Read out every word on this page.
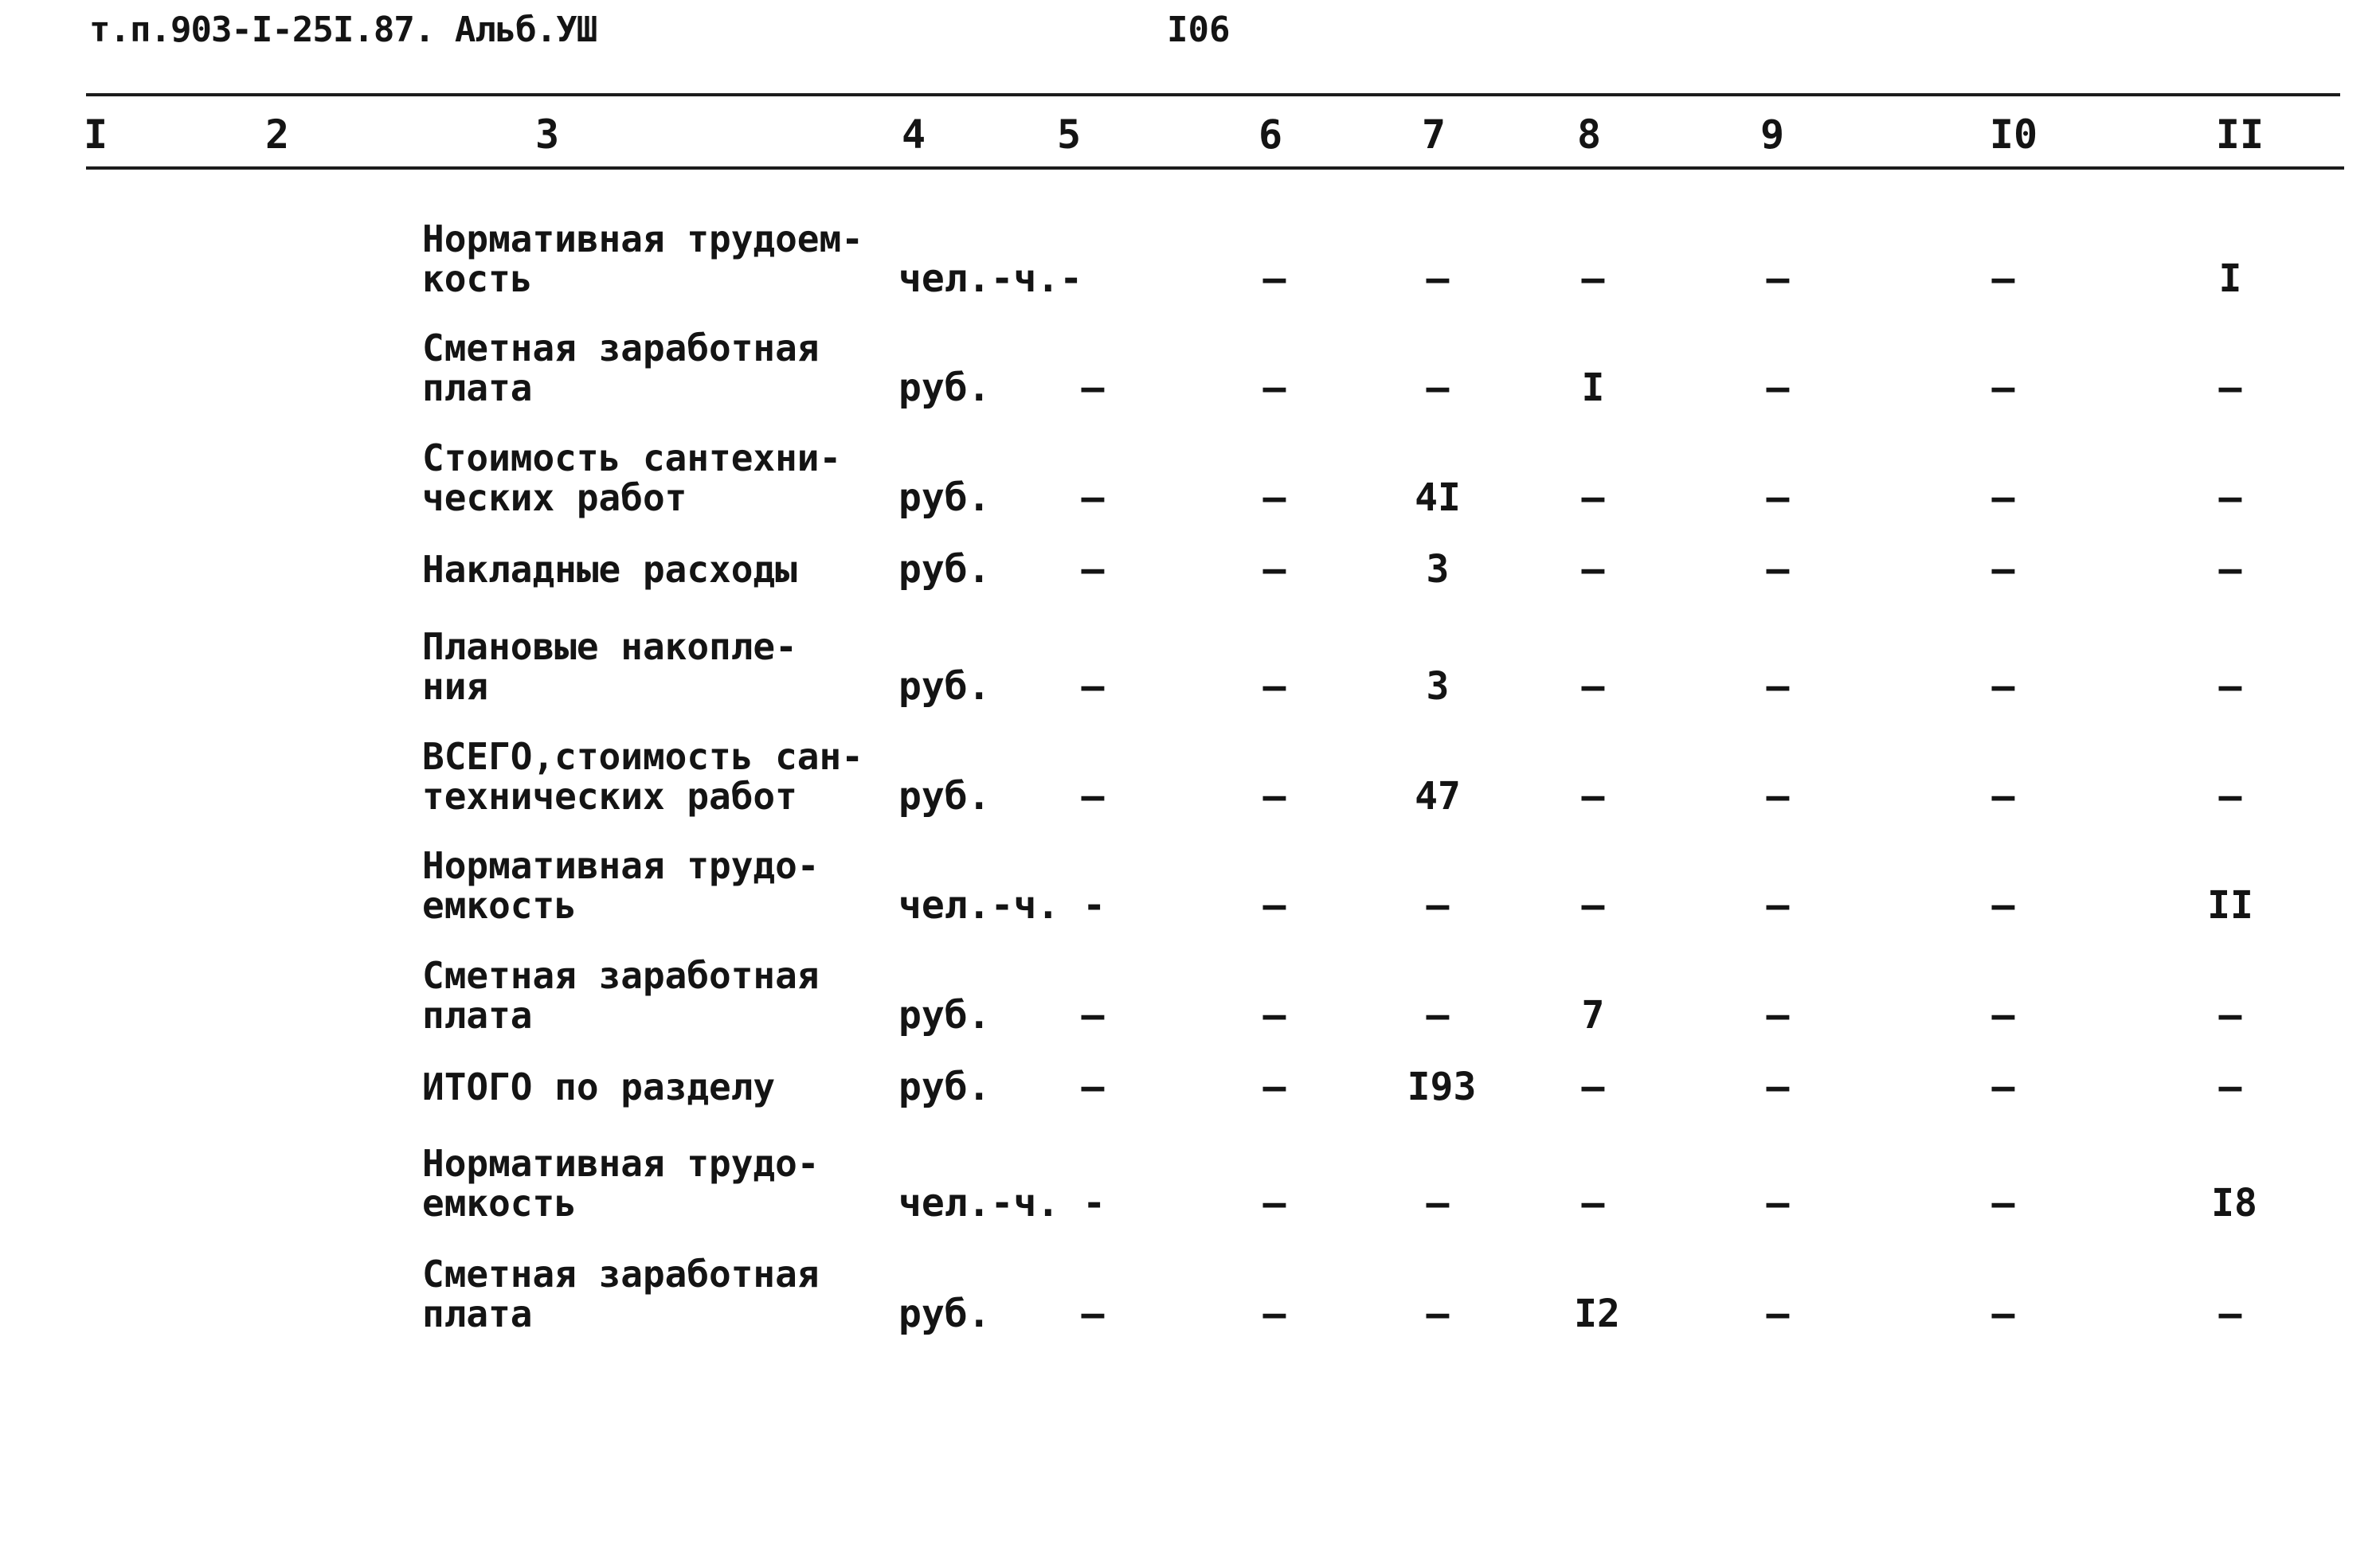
т.п.903-I-25I.87. Альб.УШ	I06
I	2	3	4	5	6	7	8	9	I0	II
Нормативная трудоем-
кость	чел.-ч.-	–	–	–	–	–	I
Сметная заработная
плата	руб. –	–	–	I	–	–	–
Стоимость сантехни-
ческих работ	руб. –	–	4I	–	–	–	–
Накладные расходы	руб. –	–	3	–	–	–	–
Плановые накопле-
ния	руб. –	–	3	–	–	–	–
ВСЕГО,стоимость сан-
технических работ	руб. –	–	47	–	–	–	–
Нормативная трудо-
емкость	чел.-ч. -	–	–	–	–	–	II
Сметная заработная
плата	руб. –	–	–	7	–	–	–
ИТОГО по разделу	руб. –	–	I93	–	–	–	–
Нормативная трудо-
емкость	чел.-ч. -	–	–	–	–	–	I8
Сметная заработная
плата	руб. –	–	–	I2	–	–	–
